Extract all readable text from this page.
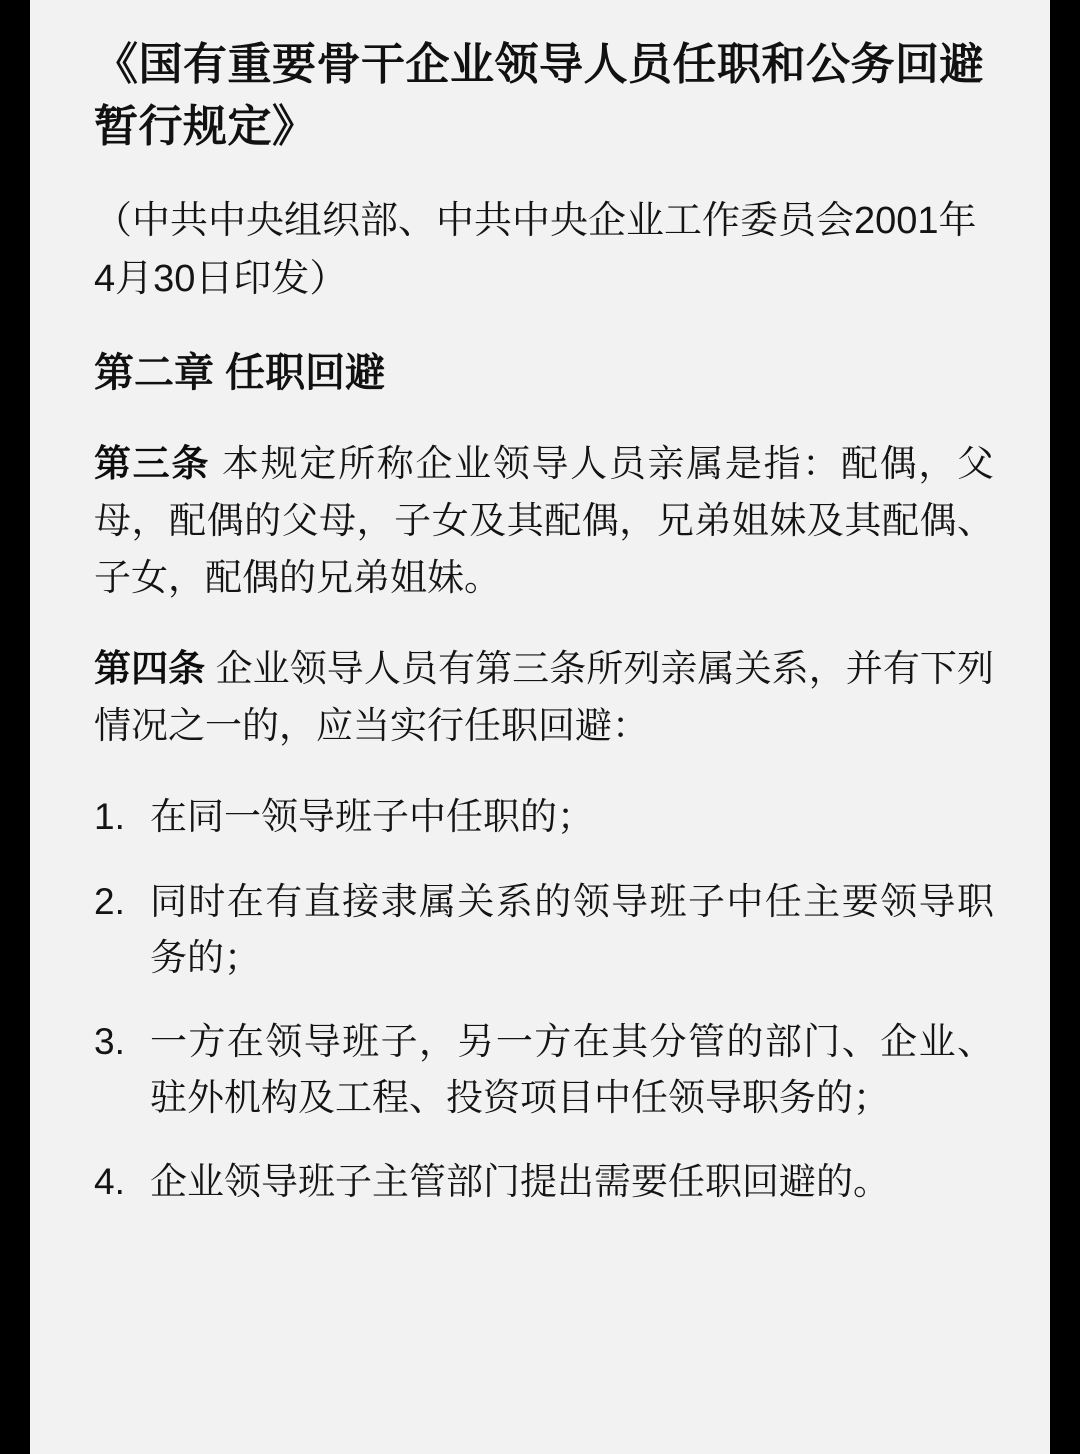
《国有重要骨干企业领导人员任职和公务回避暂行规定》

（中共中央组织部、中共中央企业工作委员会2001年4月30日印发）

第二章 任职回避

第三条 本规定所称企业领导人员亲属是指：配偶，父母，配偶的父母，子女及其配偶，兄弟姐妹及其配偶、子女，配偶的兄弟姐妹。

第四条 企业领导人员有第三条所列亲属关系，并有下列情况之一的，应当实行任职回避：

1. 在同一领导班子中任职的；
2. 同时在有直接隶属关系的领导班子中任主要领导职务的；
3. 一方在领导班子，另一方在其分管的部门、企业、驻外机构及工程、投资项目中任领导职务的；
4. 企业领导班子主管部门提出需要任职回避的。
